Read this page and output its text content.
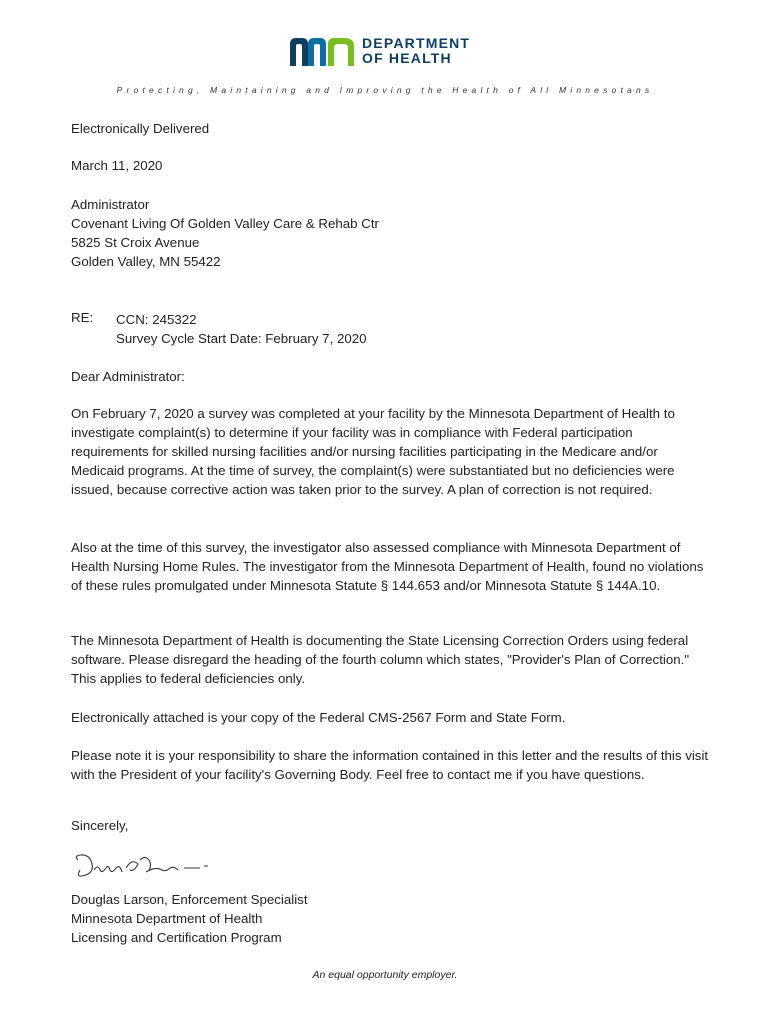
DEPARTMENT
OF HEALTH
Protecting, Maintaining and Improving the Health of All Minnesotans
Electronically Delivered
March 11, 2020
Administrator
Covenant Living Of Golden Valley Care & Rehab Ctr
5825 St Croix Avenue
Golden Valley, MN 55422
RE: CCN: 245322
Survey Cycle Start Date: February 7, 2020
Dear Administrator:
On February 7, 2020 a survey was completed at your facility by the Minnesota Department of Health to investigate complaint(s) to determine if your facility was in compliance with Federal participation requirements for skilled nursing facilities and/or nursing facilities participating in the Medicare and/or Medicaid programs. At the time of survey, the complaint(s) were substantiated but no deficiencies were issued, because corrective action was taken prior to the survey. A plan of correction is not required.
Also at the time of this survey, the investigator also assessed compliance with Minnesota Department of Health Nursing Home Rules. The investigator from the Minnesota Department of Health, found no violations of these rules promulgated under Minnesota Statute § 144.653 and/or Minnesota Statute § 144A.10.
The Minnesota Department of Health is documenting the State Licensing Correction Orders using federal software. Please disregard the heading of the fourth column which states, "Provider's Plan of Correction." This applies to federal deficiencies only.
Electronically attached is your copy of the Federal CMS-2567 Form and State Form.
Please note it is your responsibility to share the information contained in this letter and the results of this visit with the President of your facility's Governing Body. Feel free to contact me if you have questions.
Sincerely,
Douglas Larson, Enforcement Specialist
Minnesota Department of Health
Licensing and Certification Program
An equal opportunity employer.
